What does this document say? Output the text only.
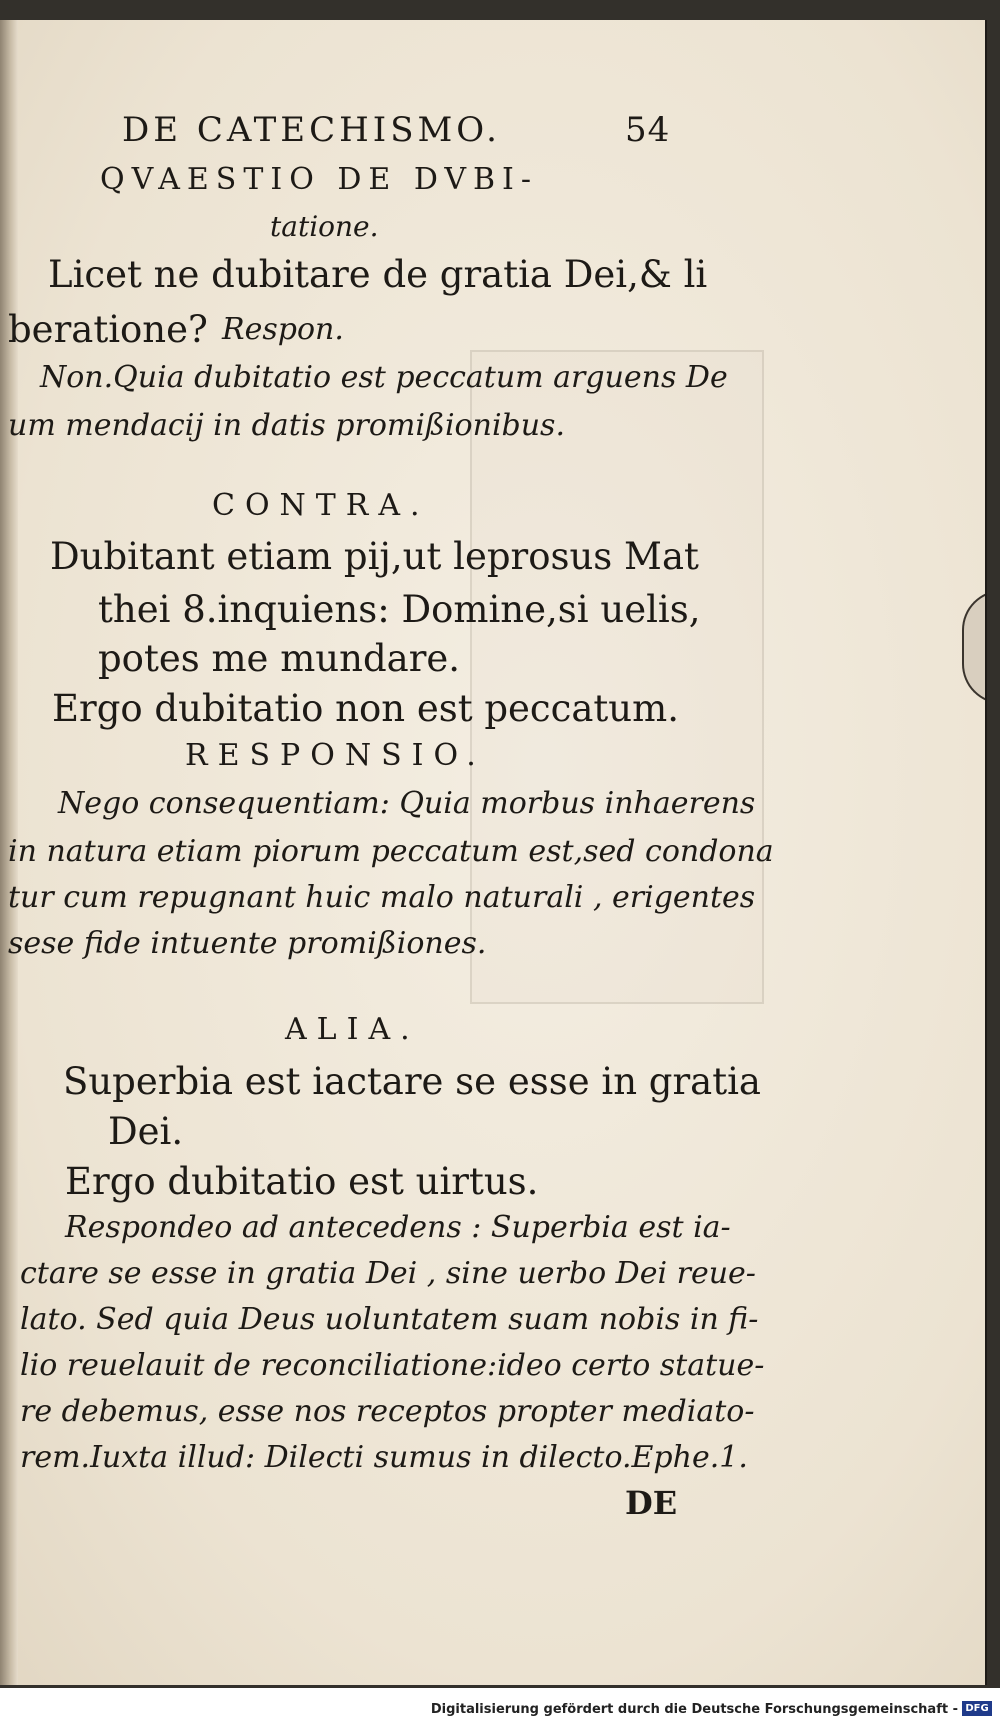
DE CATECHISMO.	54
QVAESTIO DE DVBI-
tatione.
Licet ne dubitare de gratia Dei,& li
beratione? Respon.
Non.Quia dubitatio est peccatum arguens De
um mendacij in datis promißionibus.
CONTRA.
Dubitant etiam pij,ut leprosus Mat
thei 8.inquiens: Domine,si uelis,
potes me mundare.
Ergo dubitatio non est peccatum.
RESPONSIO.
Nego consequentiam: Quia morbus inhaerens
in natura etiam piorum peccatum est,sed condona
tur cum repugnant huic malo naturali , erigentes
sese fide intuente promißiones.
ALIA.
Superbia est iactare se esse in gratia
Dei.
Ergo dubitatio est uirtus.
Respondeo ad antecedens : Superbia est ia-
ctare se esse in gratia Dei , sine uerbo Dei reue-
lato. Sed quia Deus uoluntatem suam nobis in fi-
lio reuelauit de reconciliatione:ideo certo statue-
re debemus, esse nos receptos propter mediato-
rem.Iuxta illud: Dilecti sumus in dilecto.Ephe.1.
DE
Digitalisierung gefördert durch die Deutsche Forschungsgemeinschaft - DFG
